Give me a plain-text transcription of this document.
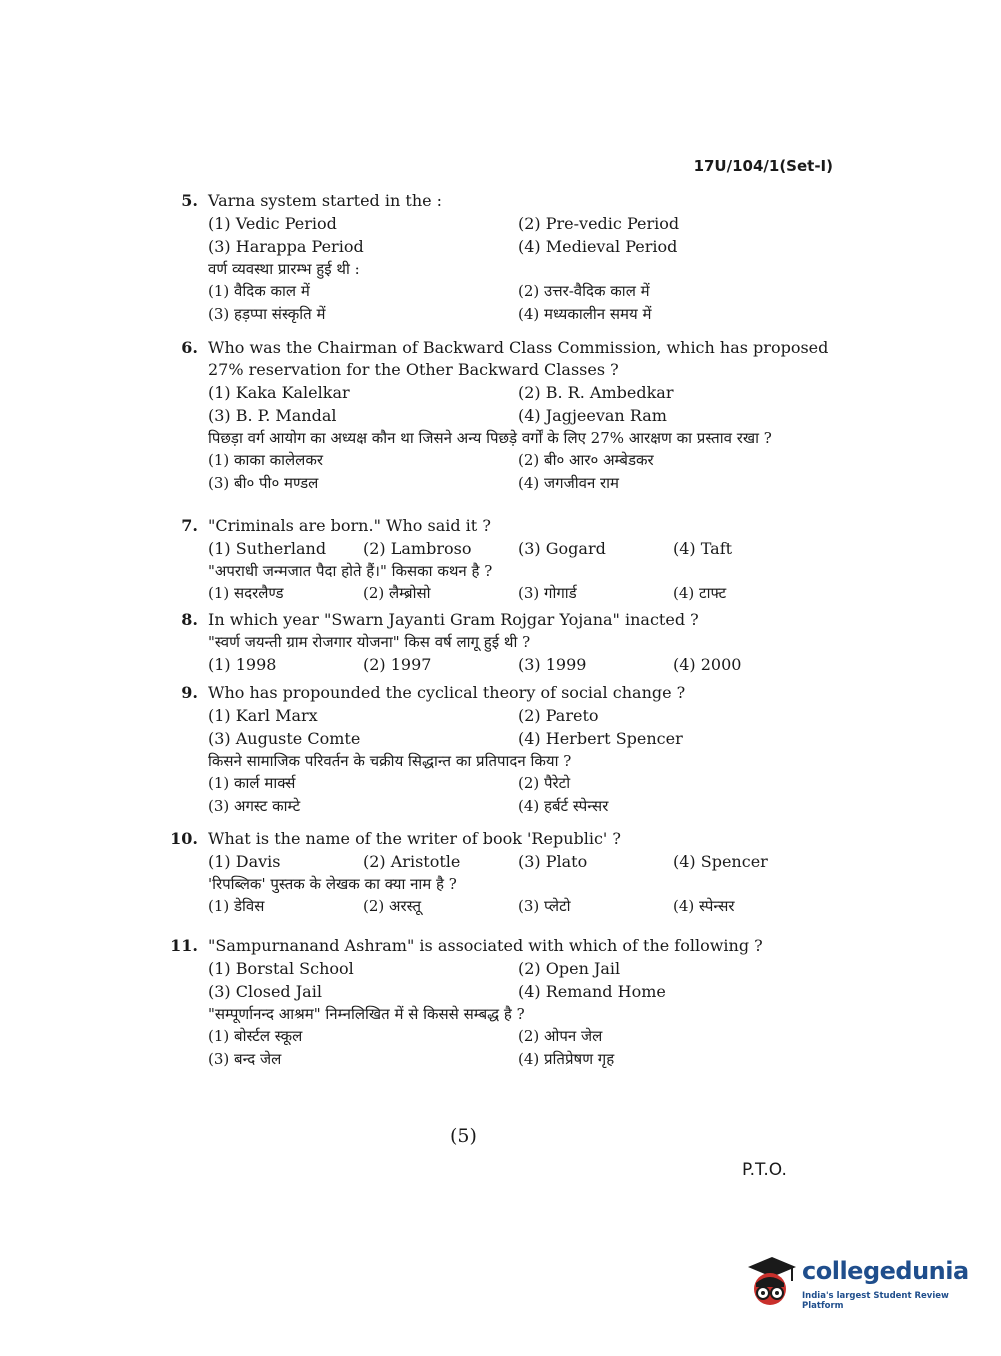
17U/104/1(Set-I)
5. Varna system started in the :
(1) Vedic Period	(2) Pre-vedic Period
(3) Harappa Period	(4) Medieval Period
वर्ण व्यवस्था प्रारम्भ हुई थी :
(1) वैदिक काल में	(2) उत्तर-वैदिक काल में
(3) हड़प्पा संस्कृति में	(4) मध्यकालीन समय में
6. Who was the Chairman of Backward Class Commission, which has proposed 27% reservation for the Other Backward Classes ?
(1) Kaka Kalelkar	(2) B. R. Ambedkar
(3) B. P. Mandal	(4) Jagjeevan Ram
पिछड़ा वर्ग आयोग का अध्यक्ष कौन था जिसने अन्य पिछड़े वर्गों के लिए 27% आरक्षण का प्रस्ताव रखा ?
(1) काका कालेलकर	(2) बी० आर० अम्बेडकर
(3) बी० पी० मण्डल	(4) जगजीवन राम
7. "Criminals are born." Who said it ?
(1) Sutherland	(2) Lambroso	(3) Gogard	(4) Taft
"अपराधी जन्मजात पैदा होते हैं।" किसका कथन है ?
(1) सदरलैण्ड	(2) लैम्ब्रोसो	(3) गोगार्ड	(4) टाफ्ट
8. In which year "Swarn Jayanti Gram Rojgar Yojana" inacted ?
"स्वर्ण जयन्ती ग्राम रोजगार योजना" किस वर्ष लागू हुई थी ?
(1) 1998	(2) 1997	(3) 1999	(4) 2000
9. Who has propounded the cyclical theory of social change ?
(1) Karl Marx	(2) Pareto
(3) Auguste Comte	(4) Herbert Spencer
किसने सामाजिक परिवर्तन के चक्रीय सिद्धान्त का प्रतिपादन किया ?
(1) कार्ल मार्क्स	(2) पैरेटो
(3) अगस्ट काम्टे	(4) हर्बर्ट स्पेन्सर
10. What is the name of the writer of book 'Republic' ?
(1) Davis	(2) Aristotle	(3) Plato	(4) Spencer
'रिपब्लिक' पुस्तक के लेखक का क्या नाम है ?
(1) डेविस	(2) अरस्तू	(3) प्लेटो	(4) स्पेन्सर
11. "Sampurnanand Ashram" is associated with which of the following ?
(1) Borstal School	(2) Open Jail
(3) Closed Jail	(4) Remand Home
"सम्पूर्णानन्द आश्रम" निम्नलिखित में से किससे सम्बद्ध है ?
(1) बोर्स्टल स्कूल	(2) ओपन जेल
(3) बन्द जेल	(4) प्रतिप्रेषण गृह
(5)
P.T.O.
collegedunia
India's largest Student Review Platform
